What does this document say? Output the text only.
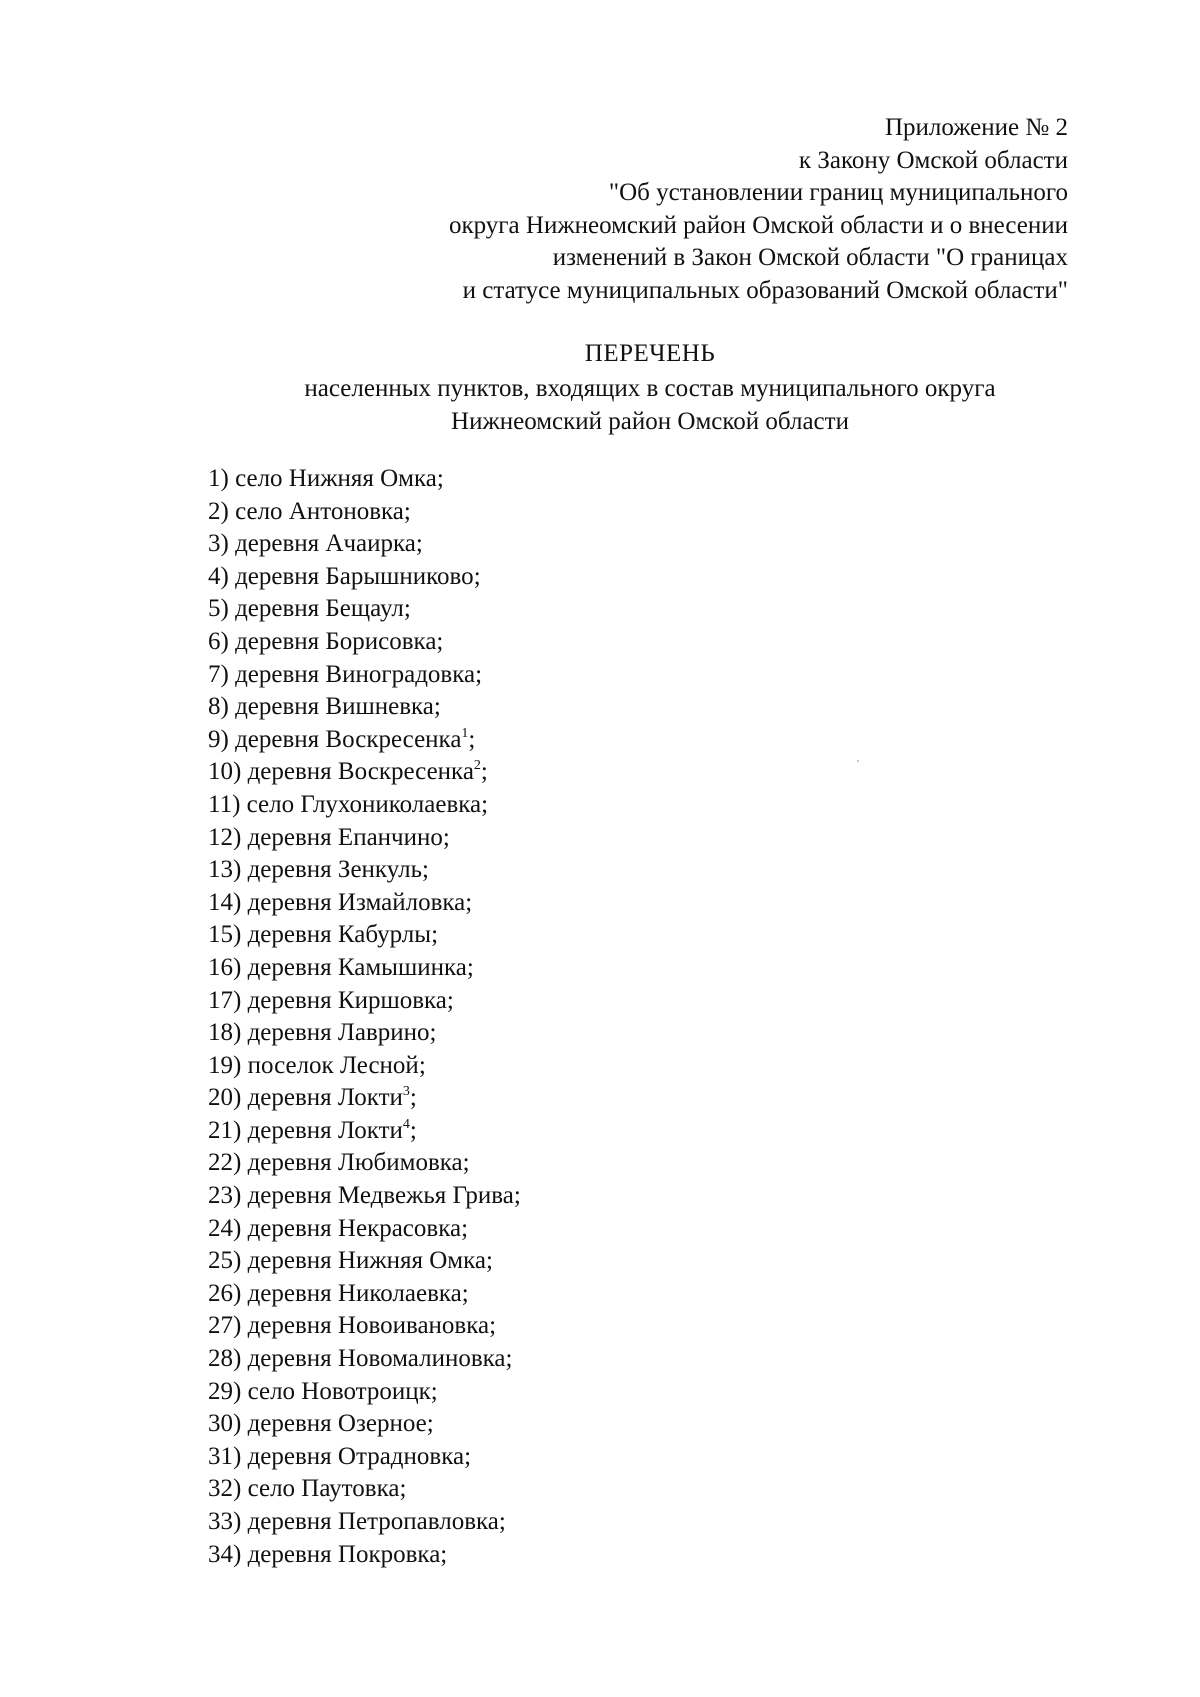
Приложение № 2
к Закону Омской области
"Об установлении границ муниципального
округа Нижнеомский район Омской области и о внесении
изменений в Закон Омской области "О границах
и статусе муниципальных образований Омской области"
ПЕРЕЧЕНЬ
населенных пунктов, входящих в состав муниципального округа
Нижнеомский район Омской области
1) село Нижняя Омка;
2) село Антоновка;
3) деревня Ачаирка;
4) деревня Барышниково;
5) деревня Бещаул;
6) деревня Борисовка;
7) деревня Виноградовка;
8) деревня Вишневка;
9) деревня Воскресенка$^1$;
10) деревня Воскресенка$^2$;
11) село Глухониколаевка;
12) деревня Епанчино;
13) деревня Зенкуль;
14) деревня Измайловка;
15) деревня Кабурлы;
16) деревня Камышинка;
17) деревня Киршовка;
18) деревня Лаврино;
19) поселок Лесной;
20) деревня Локти$^3$;
21) деревня Локти$^4$;
22) деревня Любимовка;
23) деревня Медвежья Грива;
24) деревня Некрасовка;
25) деревня Нижняя Омка;
26) деревня Николаевка;
27) деревня Новоивановка;
28) деревня Новомалиновка;
29) село Новотроицк;
30) деревня Озерное;
31) деревня Отрадновка;
32) село Паутовка;
33) деревня Петропавловка;
34) деревня Покровка;
